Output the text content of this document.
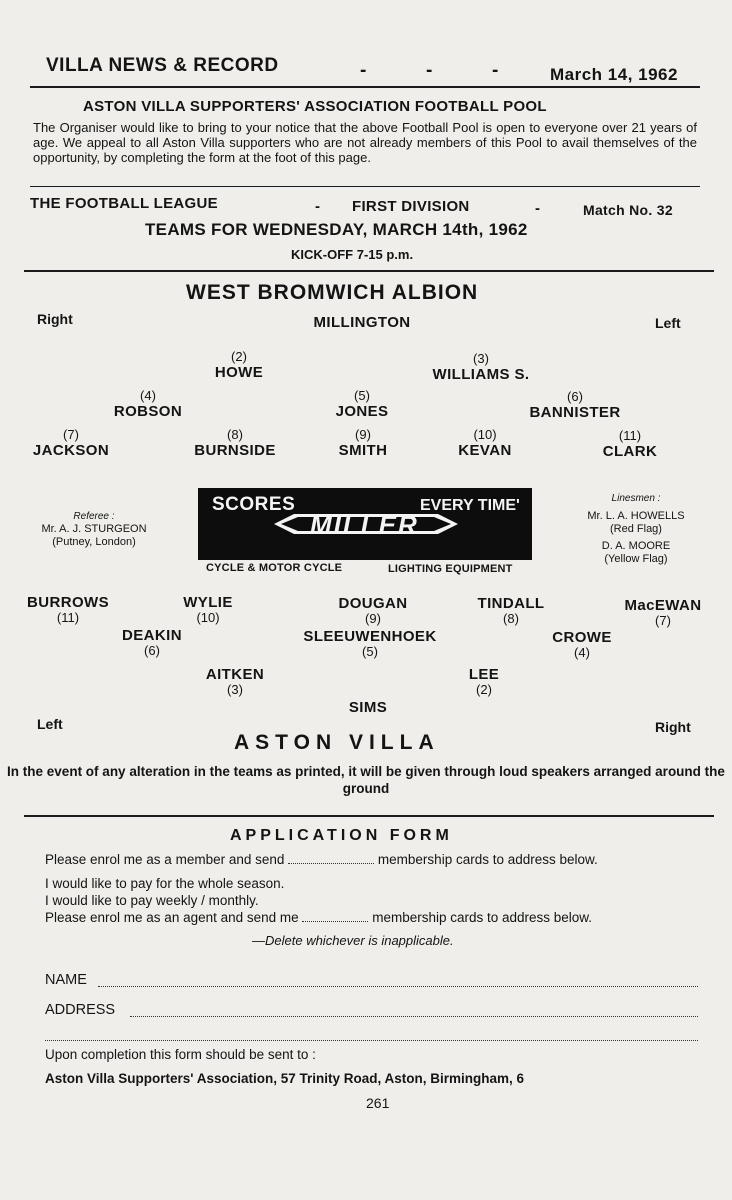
VILLA NEWS & RECORD	-	-	-	March 14, 1962
ASTON VILLA SUPPORTERS' ASSOCIATION FOOTBALL POOL
The Organiser would like to bring to your notice that the above Football Pool is open to everyone over 21 years of age. We appeal to all Aston Villa supporters who are not already members of this Pool to avail themselves of the opportunity, by completing the form at the foot of this page.
THE FOOTBALL LEAGUE	- FIRST DIVISION	-	Match No. 32
TEAMS FOR WEDNESDAY, MARCH 14th, 1962
KICK-OFF 7-15 p.m.
WEST BROMWICH ALBION
Right	Left
MILLINGTON
(2)
HOWE
(3)
WILLIAMS S.
(4)
ROBSON
(5)
JONES
(6)
BANNISTER
(7)
JACKSON
(8)
BURNSIDE
(9)
SMITH
(10)
KEVAN
(11)
CLARK
Referee :
Mr. A. J. STURGEON
(Putney, London)
Linesmen :
Mr. L. A. HOWELLS
(Red Flag)
D. A. MOORE
(Yellow Flag)
SCORES	EVERY TIME'
MILLER
CYCLE & MOTOR CYCLE	LIGHTING EQUIPMENT
BURROWS
(11)
WYLIE
(10)
DOUGAN
(9)
TINDALL
(8)
MacEWAN
(7)
DEAKIN
(6)
SLEEUWENHOEK
(5)
CROWE
(4)
AITKEN
(3)
LEE
(2)
SIMS
Left	Right
ASTON VILLA
In the event of any alteration in the teams as printed, it will be given through loud speakers arranged around the ground
APPLICATION FORM
Please enrol me as a member and send	membership cards to address below.
I would like to pay for the whole season.
I would like to pay weekly / monthly.
Please enrol me as an agent and send me	membership cards to address below.
—Delete whichever is inapplicable.
NAME
ADDRESS
Upon completion this form should be sent to :
Aston Villa Supporters' Association, 57 Trinity Road, Aston, Birmingham, 6
261
